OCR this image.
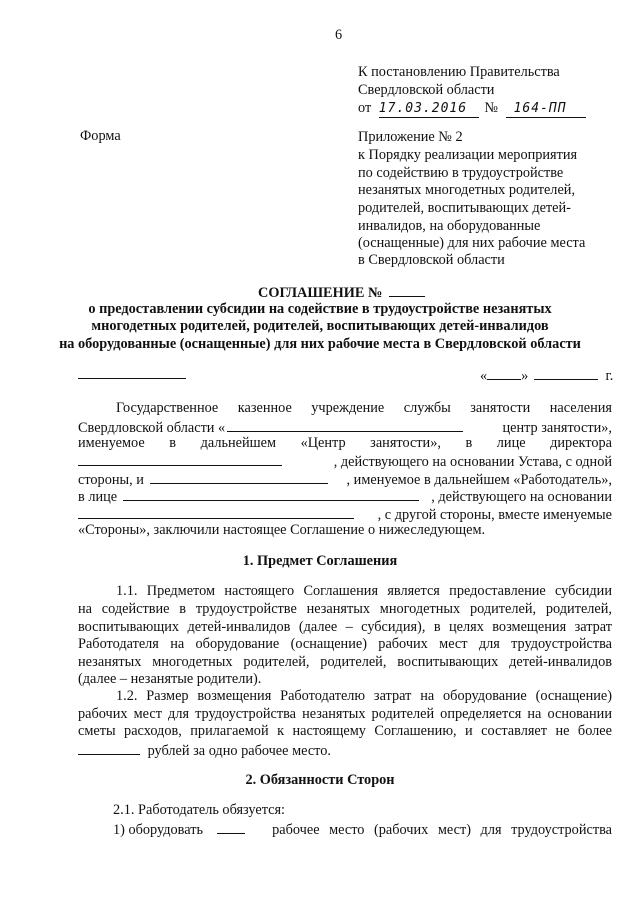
6
К постановлению Правительства
Свердловской области
от 17.03.2016 № 164-ПП
Форма	Приложение № 2
к Порядку реализации мероприятия
по содействию в трудоустройстве
незанятых многодетных родителей,
родителей, воспитывающих детей-
инвалидов, на оборудованные
(оснащенные) для них рабочие места
в Свердловской области
СОГЛАШЕНИЕ №
о предоставлении субсидии на содействие в трудоустройстве незанятых
многодетных родителей, родителей, воспитывающих детей-инвалидов
на оборудованные (оснащенные) для них рабочие места в Свердловской области
« »	г.
Государственное казенное учреждение службы занятости населения
Свердловской области «	центр занятости»,
именуемое в дальнейшем «Центр занятости», в лице директора
, действующего на основании Устава, с одной
стороны, и	, именуемое в дальнейшем «Работодатель»,
в лице	, действующего на основании
, с другой стороны, вместе именуемые
«Стороны», заключили настоящее Соглашение о нижеследующем.
1. Предмет Соглашения
1.1. Предметом настоящего Соглашения является предоставление субсидии
на содействие в трудоустройстве незанятых многодетных родителей, родителей,
воспитывающих детей-инвалидов (далее – субсидия), в целях возмещения затрат
Работодателя на оборудование (оснащение) рабочих мест для трудоустройства
незанятых многодетных родителей, родителей, воспитывающих детей-инвалидов
(далее – незанятые родители).
1.2. Размер возмещения Работодателю затрат на оборудование (оснащение)
рабочих мест для трудоустройства незанятых родителей определяется на основании
сметы расходов, прилагаемой к настоящему Соглашению, и составляет не более
рублей за одно рабочее место.
2. Обязанности Сторон
2.1. Работодатель обязуется:
1) оборудовать	рабочее место (рабочих мест) для трудоустройства
